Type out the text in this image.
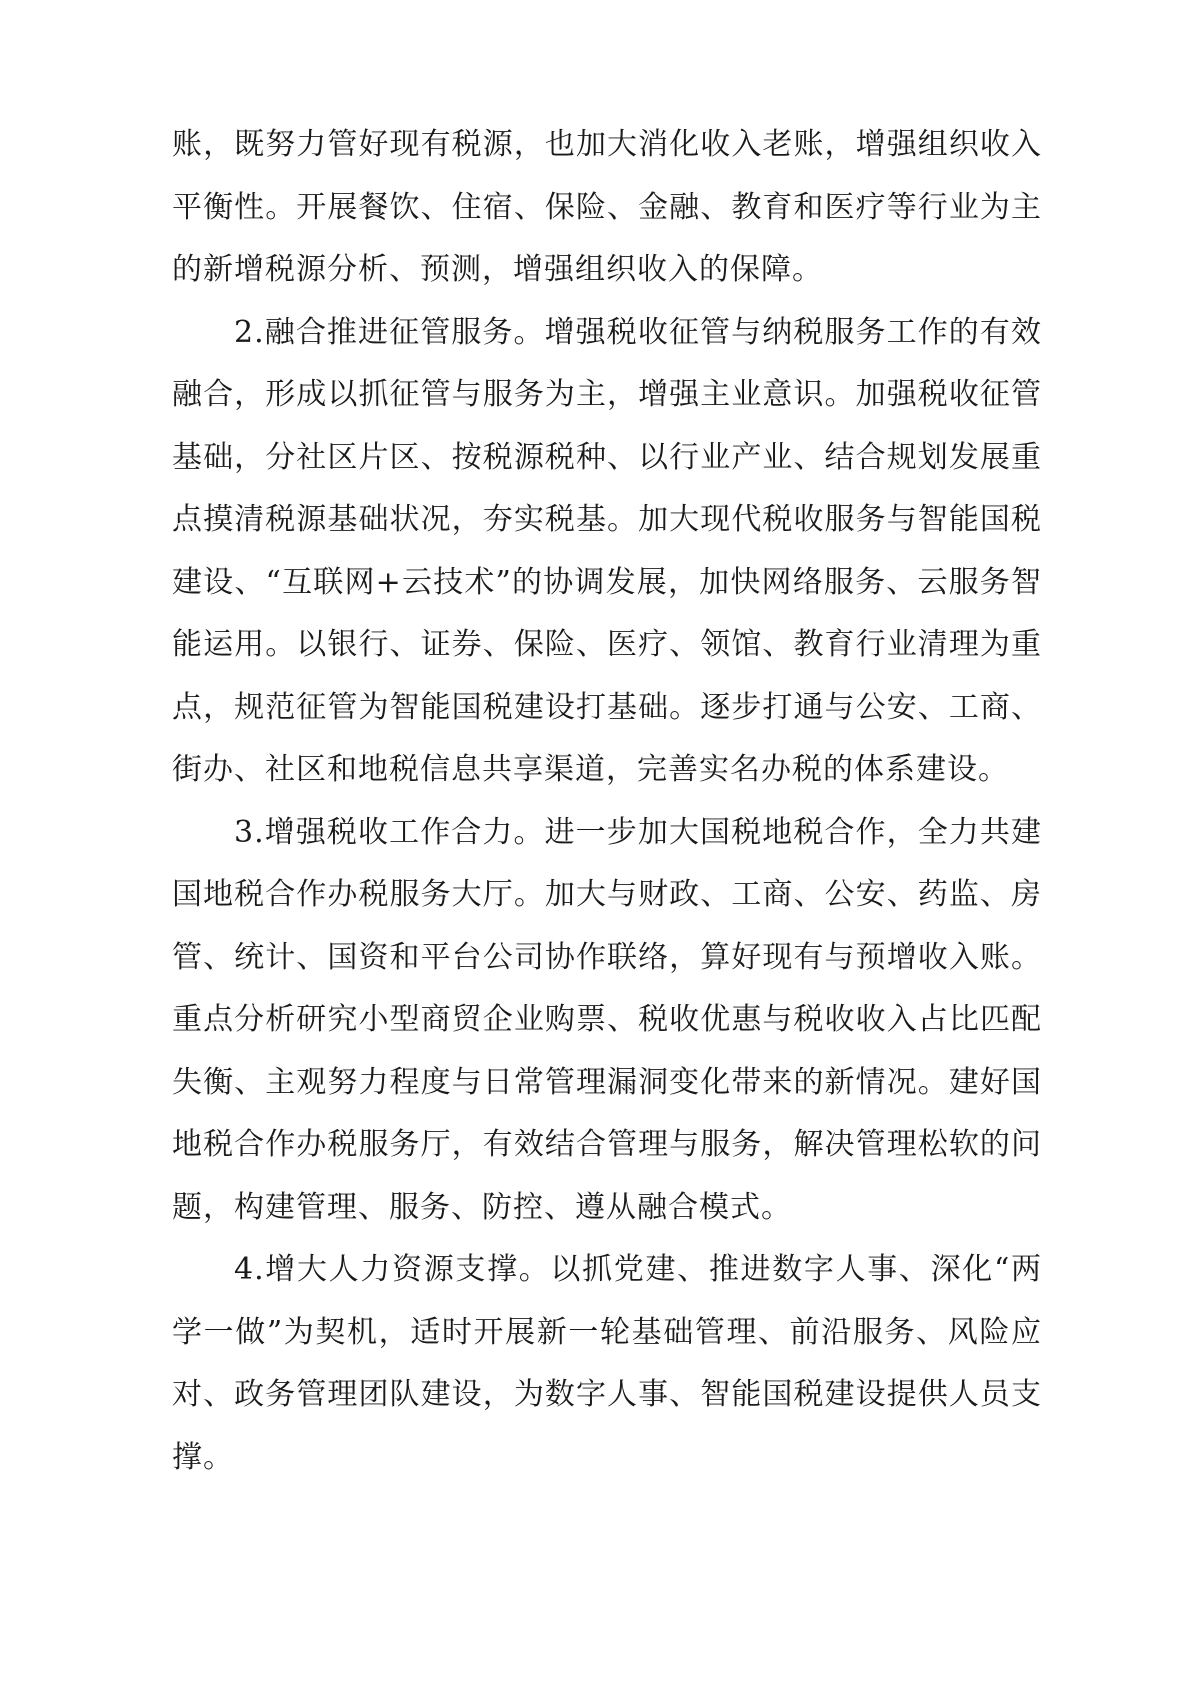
账，既努力管好现有税源，也加大消化收入老账，增强组织收入平衡性。开展餐饮、住宿、保险、金融、教育和医疗等行业为主的新增税源分析、预测，增强组织收入的保障。

2.融合推进征管服务。增强税收征管与纳税服务工作的有效融合，形成以抓征管与服务为主，增强主业意识。加强税收征管基础，分社区片区、按税源税种、以行业产业、结合规划发展重点摸清税源基础状况，夯实税基。加大现代税收服务与智能国税建设、“互联网+云技术”的协调发展，加快网络服务、云服务智能运用。以银行、证券、保险、医疗、领馆、教育行业清理为重点，规范征管为智能国税建设打基础。逐步打通与公安、工商、街办、社区和地税信息共享渠道，完善实名办税的体系建设。

3.增强税收工作合力。进一步加大国税地税合作，全力共建国地税合作办税服务大厅。加大与财政、工商、公安、药监、房管、统计、国资和平台公司协作联络，算好现有与预增收入账。重点分析研究小型商贸企业购票、税收优惠与税收收入占比匹配失衡、主观努力程度与日常管理漏洞变化带来的新情况。建好国地税合作办税服务厅，有效结合管理与服务，解决管理松软的问题，构建管理、服务、防控、遵从融合模式。

4.增大人力资源支撑。以抓党建、推进数字人事、深化“两学一做”为契机，适时开展新一轮基础管理、前沿服务、风险应对、政务管理团队建设，为数字人事、智能国税建设提供人员支撑。
